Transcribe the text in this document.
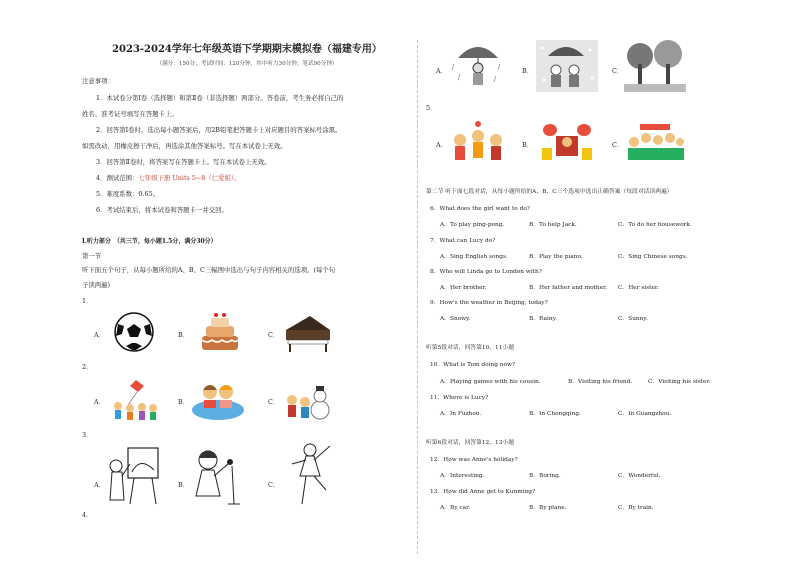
2023-2024学年七年级英语下学期期末模拟卷（福建专用）
（满分：150分；考试时间：120分钟，其中听力30分钟，笔试90分钟）
注意事项：
1．本试卷分第Ⅰ卷（选择题）和第Ⅱ卷（非选择题）两部分。答卷前，考生务必将自己的
姓名、准考证号填写在答题卡上。
2．回答第Ⅰ卷时，选出每小题答案后，用2B铅笔把答题卡上对应题目的答案标号涂黑。
如需改动，用橡皮擦干净后，再选涂其他答案标号。写在本试卷上无效。
3．回答第Ⅱ卷时，将答案写在答题卡上。写在本试卷上无效。
4．测试范围：七年级下册 Units 5~8（仁爱版）。
5．难度系数：0.65。
6．考试结束后，将本试卷和答题卡一并交回。
Ⅰ.听力部分　（共三节，每小题1.5分，满分30分）
第一节
听下面五个句子，从每小题所给的A、B、C三幅图中选出与句子内容相关的选项。(每个句
子读两遍)
1．
A．	B．	C．
2．
A．	B．	C．
3．
A．	B．	C．
4．
A．	B．	C．
5．
A．	B．	C．
第二节 听下面七段对话，从每小题所给的A、B、C三个选项中选出正确答案（每段对话读两遍）
6．What does the girl want to do?
A．To play ping-pong.	B．To help Jack.	C．To do her housework.
7．What can Lucy do?
A．Sing English songs.	B．Play the piano.	C．Sing Chinese songs.
8．Who will Linda go to London with?
A．Her brother.	B．Her father and mother. C．Her sister.
9．How's the weather in Beijing, today?
A．Snowy.	B．Rainy.	C．Sunny.
听第5段对话，回答第10、11小题
10．What is Tom doing now?
A．Playing games with his cousin.	B．Visiting his friend.	C．Visiting his sister.
11．Where is Lucy?
A．In Fuzhou.	B．In Chongqing.	C．In Guangzhou.
听第6段对话，回答第12、13小题
12．How was Anne's holiday?
A．Interesting.	B．Boring.	C．Wonderful.
13．How did Anne get to Kunming?
A．By car.	B．By plane.	C．By train.
